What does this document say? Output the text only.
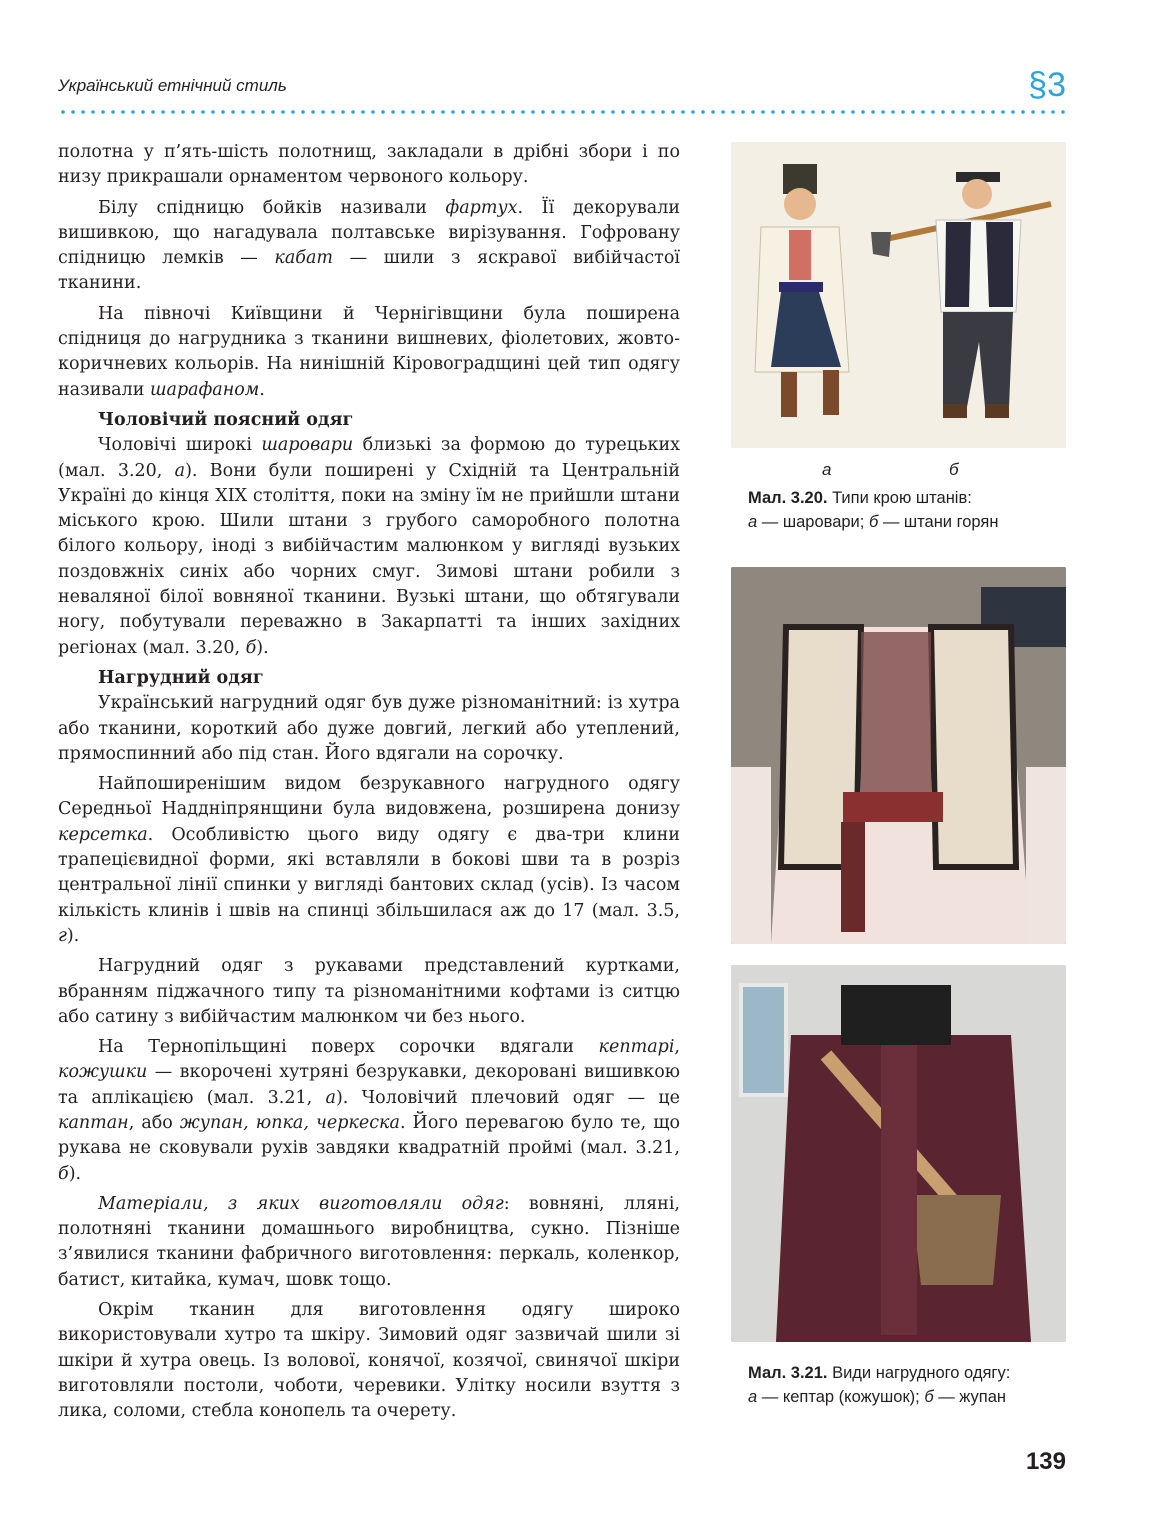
Український етнічний стиль	§3

полотна у п’ять-шість полотнищ, закладали в дрібні збори і по низу прикрашали орнаментом червоного кольору.

Білу спідницю бойків називали фартух. Її декорували вишивкою, що нагадувала полтавське вирізування. Гофровану спідницю лемків — кабат — шили з яскравої вибійчастої тканини.

На півночі Київщини й Чернігівщини була поширена спідниця до нагрудника з тканини вишневих, фіолетових, жовто-коричневих кольорів. На нинішній Кіровоградщині цей тип одягу називали шарафаном.

Чоловічий поясний одяг

Чоловічі широкі шаровари близькі за формою до турецьких (мал. 3.20, а). Вони були поширені у Східній та Центральній Україні до кінця XIX століття, поки на зміну їм не прийшли штани міського крою. Шили штани з грубого саморобного полотна білого кольору, іноді з вибійчастим малюнком у вигляді вузьких поздовжніх синіх або чорних смуг. Зимові штани робили з неваляної білої вовняної тканини. Вузькі штани, що обтягували ногу, побутували переважно в Закарпатті та інших західних регіонах (мал. 3.20, б).

Нагрудний одяг

Український нагрудний одяг був дуже різноманітний: із хутра або тканини, короткий або дуже довгий, легкий або утеплений, прямоспинний або під стан. Його вдягали на сорочку.

Найпоширенішим видом безрукавного нагрудного одягу Середньої Наддніпрянщини була видовжена, розширена донизу керсетка. Особливістю цього виду одягу є два-три клини трапецієвидної форми, які вставляли в бокові шви та в розріз центральної лінії спинки у вигляді бантових склад (усів). Із часом кількість клинів і швів на спинці збільшилася аж до 17 (мал. 3.5, г).

Нагрудний одяг з рукавами представлений куртками, вбранням піджачного типу та різноманітними кофтами із ситцю або сатину з вибійчастим малюнком чи без нього.

На Тернопільщині поверх сорочки вдягали кептарі, кожушки — вкорочені хутряні безрукавки, декоровані вишивкою та аплікацією (мал. 3.21, а). Чоловічий плечовий одяг — це каптан, або жупан, юпка, черкеска. Його перевагою було те, що рукава не сковували рухів завдяки квадратній проймі (мал. 3.21, б).

Матеріали, з яких виготовляли одяг: вовняні, лляні, полотняні тканини домашнього виробництва, сукно. Пізніше з’явилися тканини фабричного виготовлення: перкаль, коленкор, батист, китайка, кумач, шовк тощо.

Окрім тканин для виготовлення одягу широко використовували хутро та шкіру. Зимовий одяг зазвичай шили зі шкіри й хутра овець. Із волової, конячої, козячої, свинячої шкіри виготовляли постоли, чоботи, черевики. Улітку носили взуття з лика, соломи, стебла конопель та очерету.

а	б
Мал. 3.20. Типи крою штанів:
а — шаровари; б — штани горян
Мал. 3.21. Види нагрудного одягу:
а — кептар (кожушок); б — жупан
139
